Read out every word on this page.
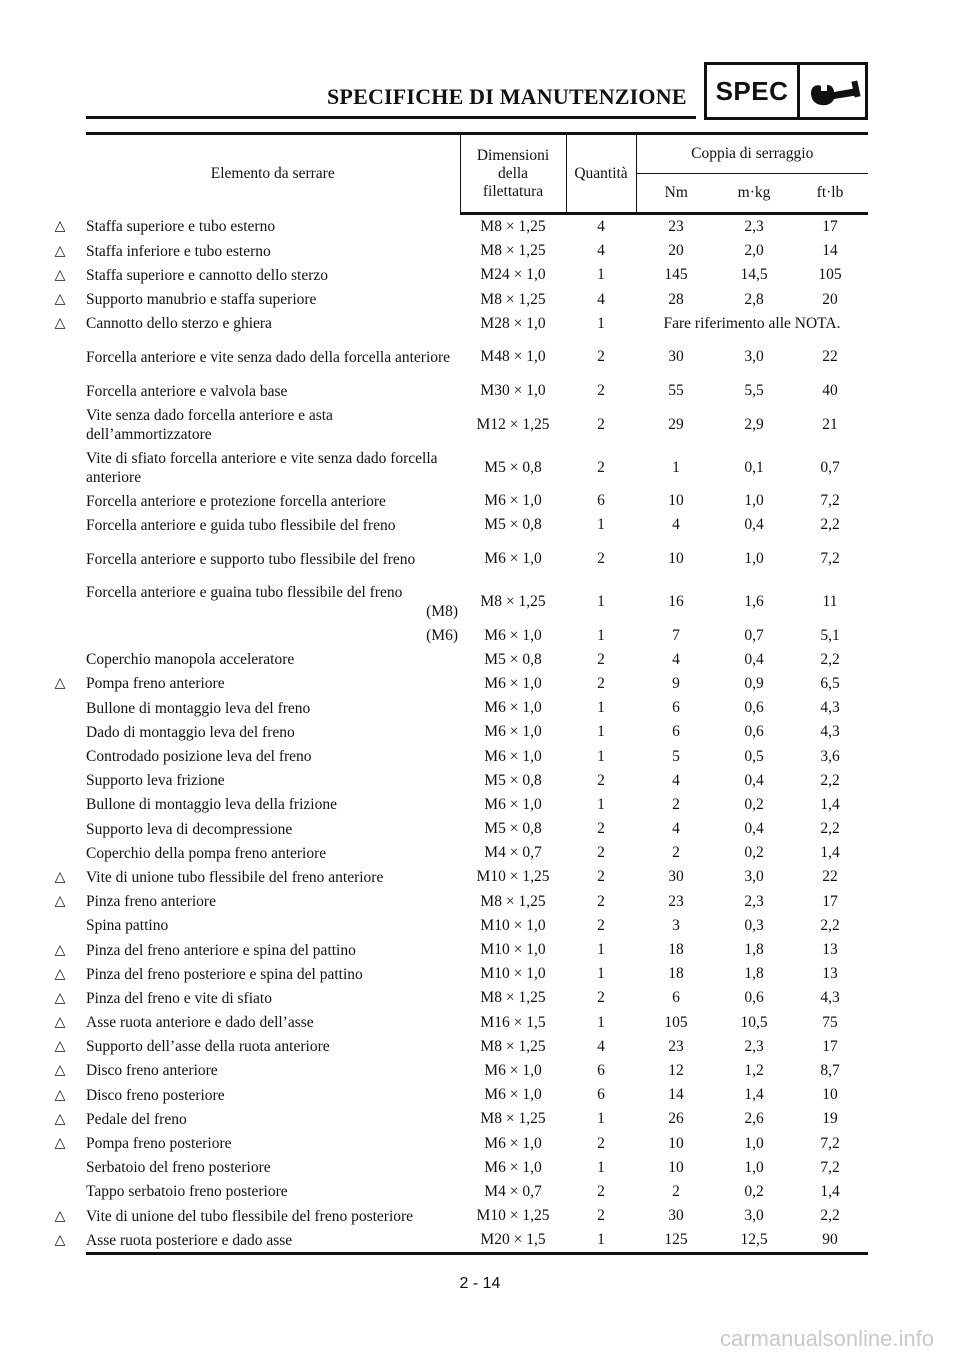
SPECIFICHE DI MANUTENZIONE	SPEC
Elemento da serrare	Dimensioni
della
filettatura	Quantità	Coppia di serraggio		
			Nm	m·kg	ft·lb

△ Staffa superiore e tubo esterno	M8 × 1,25	4	23	2,3	17

△ Staffa inferiore e tubo esterno	M8 × 1,25	4	20	2,0	14

△ Staffa superiore e cannotto dello sterzo	M24 × 1,0	1	145	14,5	105

△ Supporto manubrio e staffa superiore	M8 × 1,25	4	28	2,8	20

△ Cannotto dello sterzo e ghiera	M28 × 1,0	1	Fare riferimento alle NOTA.		

Forcella anteriore e vite senza dado della forcella anteriore	M48 × 1,0	2	30	3,0	22

Forcella anteriore e valvola base	M30 × 1,0	2	55	5,5	40

Vite senza dado forcella anteriore e asta dell’ammortizzatore	M12 × 1,25	2	29	2,9	21

Vite di sfiato forcella anteriore e vite senza dado forcella anteriore	M5 × 0,8	2	1	0,1	0,7

Forcella anteriore e protezione forcella anteriore	M6 × 1,0	6	10	1,0	7,2

Forcella anteriore e guida tubo flessibile del freno	M5 × 0,8	1	4	0,4	2,2

Forcella anteriore e supporto tubo flessibile del freno	M6 × 1,0	2	10	1,0	7,2

Forcella anteriore e guaina tubo flessibile del freno
(M8)	M8 × 1,25	1	16	1,6	11

(M6)	M6 × 1,0	1	7	0,7	5,1

Coperchio manopola acceleratore	M5 × 0,8	2	4	0,4	2,2

△ Pompa freno anteriore	M6 × 1,0	2	9	0,9	6,5

Bullone di montaggio leva del freno	M6 × 1,0	1	6	0,6	4,3

Dado di montaggio leva del freno	M6 × 1,0	1	6	0,6	4,3

Controdado posizione leva del freno	M6 × 1,0	1	5	0,5	3,6

Supporto leva frizione	M5 × 0,8	2	4	0,4	2,2

Bullone di montaggio leva della frizione	M6 × 1,0	1	2	0,2	1,4

Supporto leva di decompressione	M5 × 0,8	2	4	0,4	2,2

Coperchio della pompa freno anteriore	M4 × 0,7	2	2	0,2	1,4

△ Vite di unione tubo flessibile del freno anteriore	M10 × 1,25	2	30	3,0	22

△ Pinza freno anteriore	M8 × 1,25	2	23	2,3	17

Spina pattino	M10 × 1,0	2	3	0,3	2,2

△ Pinza del freno anteriore e spina del pattino	M10 × 1,0	1	18	1,8	13

△ Pinza del freno posteriore e spina del pattino	M10 × 1,0	1	18	1,8	13

△ Pinza del freno e vite di sfiato	M8 × 1,25	2	6	0,6	4,3

△ Asse ruota anteriore e dado dell’asse	M16 × 1,5	1	105	10,5	75

△ Supporto dell’asse della ruota anteriore	M8 × 1,25	4	23	2,3	17

△ Disco freno anteriore	M6 × 1,0	6	12	1,2	8,7

△ Disco freno posteriore	M6 × 1,0	6	14	1,4	10

△ Pedale del freno	M8 × 1,25	1	26	2,6	19

△ Pompa freno posteriore	M6 × 1,0	2	10	1,0	7,2

Serbatoio del freno posteriore	M6 × 1,0	1	10	1,0	7,2

Tappo serbatoio freno posteriore	M4 × 0,7	2	2	0,2	1,4

△ Vite di unione del tubo flessibile del freno posteriore	M10 × 1,25	2	30	3,0	2,2

△ Asse ruota posteriore e dado asse	M20 × 1,5	1	125	12,5	90
2 - 14
carmanualsonline.info
